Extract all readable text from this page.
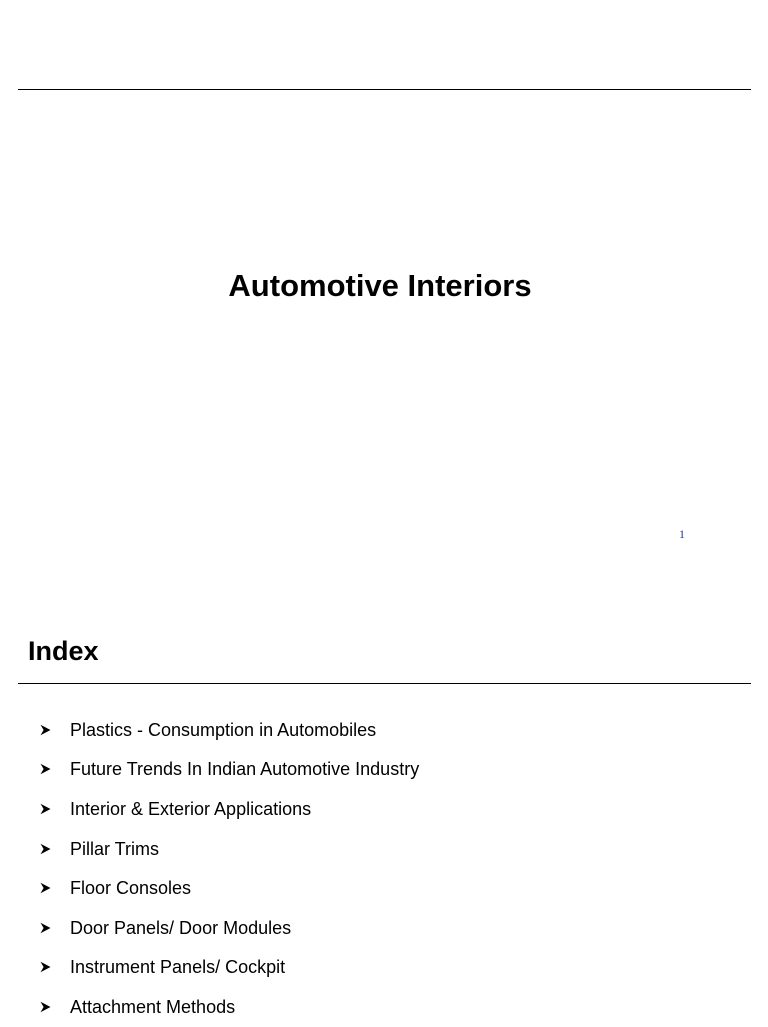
Automotive Interiors
1
Index
Plastics - Consumption in Automobiles
Future Trends In Indian Automotive Industry
Interior & Exterior Applications
Pillar Trims
Floor Consoles
Door Panels/ Door Modules
Instrument Panels/ Cockpit
Attachment Methods
